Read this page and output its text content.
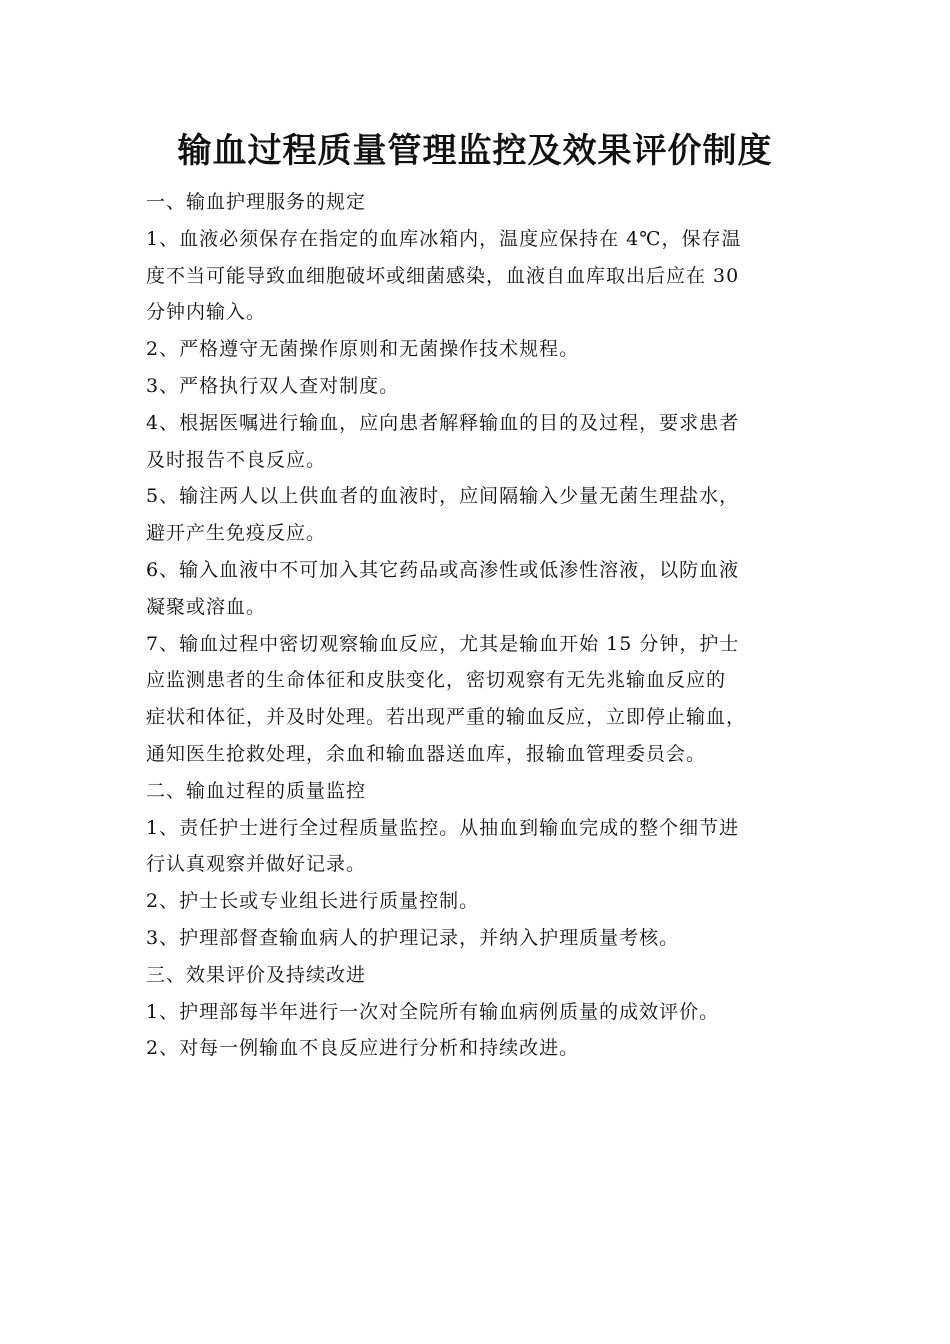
输血过程质量管理监控及效果评价制度
一、输血护理服务的规定
1、血液必须保存在指定的血库冰箱内，温度应保持在 4℃，保存温
度不当可能导致血细胞破坏或细菌感染，血液自血库取出后应在 30
分钟内输入。
2、严格遵守无菌操作原则和无菌操作技术规程。
3、严格执行双人查对制度。
4、根据医嘱进行输血，应向患者解释输血的目的及过程，要求患者
及时报告不良反应。
5、输注两人以上供血者的血液时，应间隔输入少量无菌生理盐水，
避开产生免疫反应。
6、输入血液中不可加入其它药品或高渗性或低渗性溶液，以防血液
凝聚或溶血。
7、输血过程中密切观察输血反应，尤其是输血开始 15 分钟，护士
应监测患者的生命体征和皮肤变化，密切观察有无先兆输血反应的
症状和体征，并及时处理。若出现严重的输血反应，立即停止输血，
通知医生抢救处理，余血和输血器送血库，报输血管理委员会。
二、输血过程的质量监控
1、责任护士进行全过程质量监控。从抽血到输血完成的整个细节进
行认真观察并做好记录。
2、护士长或专业组长进行质量控制。
3、护理部督查输血病人的护理记录，并纳入护理质量考核。
三、效果评价及持续改进
1、护理部每半年进行一次对全院所有输血病例质量的成效评价。
2、对每一例输血不良反应进行分析和持续改进。
